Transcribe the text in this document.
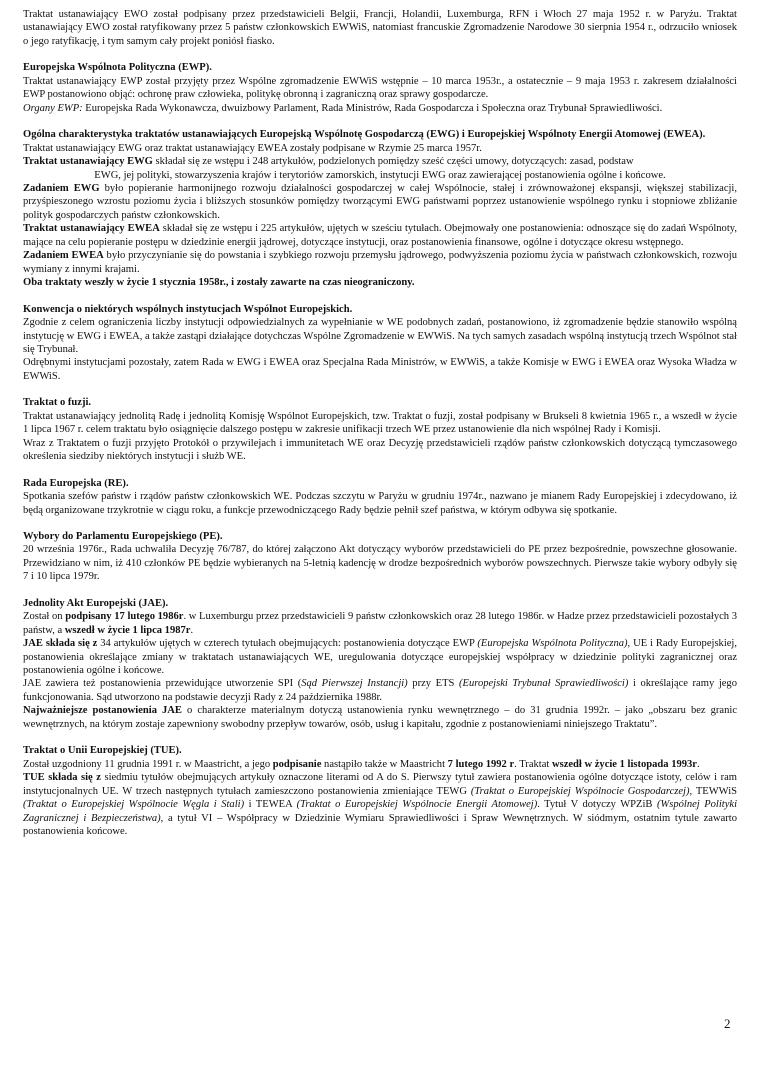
Traktat ustanawiający EWO został podpisany przez przedstawicieli Belgii, Francji, Holandii, Luxemburga, RFN i Włoch 27 maja 1952 r. w Paryżu. Traktat ustanawiający EWO został ratyfikowany przez 5 państw członkowskich EWWiS, natomiast francuskie Zgromadzenie Narodowe 30 sierpnia 1954 r., odrzuciło wniosek o jego ratyfikację, i tym samym cały projekt poniósł fiasko.

Europejska Wspólnota Polityczna (EWP).

Traktat ustanawiający EWP został przyjęty przez Wspólne zgromadzenie EWWiS wstępnie – 10 marca 1953r., a ostatecznie – 9 maja 1953 r. zakresem działalności EWP postanowiono objąć: ochronę praw człowieka, politykę obronną i zagraniczną oraz sprawy gospodarcze.

Organy EWP: Europejska Rada Wykonawcza, dwuizbowy Parlament, Rada Ministrów, Rada Gospodarcza i Społeczna oraz Trybunał Sprawiedliwości.

Ogólna charakterystyka traktatów ustanawiających Europejską Wspólnotę Gospodarczą (EWG) i Europejskiej Wspólnoty Energii Atomowej (EWEA).

Traktat ustanawiający EWG oraz traktat ustanawiający EWEA zostały podpisane w Rzymie 25 marca 1957r.

Traktat ustanawiający EWG składał się ze wstępu i 248 artykułów, podzielonych pomiędzy sześć części umowy, dotyczących: zasad, podstaw

EWG, jej polityki, stowarzyszenia krajów i terytoriów zamorskich, instytucji EWG oraz zawierającej postanowienia ogólne i końcowe.

Zadaniem EWG było popieranie harmonijnego rozwoju działalności gospodarczej w całej Wspólnocie, stałej i zrównoważonej ekspansji, większej stabilizacji, przyśpieszonego wzrostu poziomu życia i bliższych stosunków pomiędzy tworzącymi EWG państwami poprzez ustanowienie wspólnego rynku i stopniowe zbliżanie polityk gospodarczych państw członkowskich.

Traktat ustanawiający EWEA składał się ze wstępu i 225 artykułów, ujętych w sześciu tytułach. Obejmowały one postanowienia: odnoszące się do zadań Wspólnoty, mające na celu popieranie postępu w dziedzinie energii jądrowej, dotyczące instytucji, oraz postanowienia finansowe, ogólne i dotyczące okresu wstępnego.

Zadaniem EWEA było przyczynianie się do powstania i szybkiego rozwoju przemysłu jądrowego, podwyższenia poziomu życia w państwach członkowskich, rozwoju wymiany z innymi krajami.

Oba traktaty weszły w życie 1 stycznia 1958r., i zostały zawarte na czas nieograniczony.

Konwencja o niektórych wspólnych instytucjach Wspólnot Europejskich.

Zgodnie z celem ograniczenia liczby instytucji odpowiedzialnych za wypełnianie w WE podobnych zadań, postanowiono, iż zgromadzenie będzie stanowiło wspólną instytucję w EWG i EWEA, a także zastąpi działające dotychczas Wspólne Zgromadzenie w EWWiS. Na tych samych zasadach wspólną instytucją trzech Wspólnot stał się Trybunał.

Odrębnymi instytucjami pozostały, zatem Rada w EWG i EWEA oraz Specjalna Rada Ministrów, w EWWiS, a także Komisje w EWG i EWEA oraz Wysoka Władza w EWWiS.

Traktat o fuzji.

Traktat ustanawiający jednolitą Radę i jednolitą Komisję Wspólnot Europejskich, tzw. Traktat o fuzji, został podpisany w Brukseli 8 kwietnia 1965 r., a wszedł w życie 1 lipca 1967 r. celem traktatu było osiągnięcie dalszego postępu w zakresie unifikacji trzech WE przez ustanowienie dla nich wspólnej Rady i Komisji.

Wraz z Traktatem o fuzji przyjęto Protokół o przywilejach i immunitetach WE oraz Decyzję przedstawicieli rządów państw członkowskich dotyczącą tymczasowego określenia siedziby niektórych instytucji i służb WE.

Rada Europejska (RE).

Spotkania szefów państw i rządów państw członkowskich WE. Podczas szczytu w Paryżu w grudniu 1974r., nazwano je mianem Rady Europejskiej i zdecydowano, iż będą organizowane trzykrotnie w ciągu roku, a funkcje przewodniczącego Rady będzie pełnił szef państwa, w którym odbywa się spotkanie.

Wybory do Parlamentu Europejskiego (PE).

20 września 1976r., Rada uchwaliła Decyzję 76/787, do której załączono Akt dotyczący wyborów przedstawicieli do PE przez bezpośrednie, powszechne głosowanie. Przewidziano w nim, iż 410 członków PE będzie wybieranych na 5-letnią kadencję w drodze bezpośrednich wyborów powszechnych. Pierwsze takie wybory odbyły się 7 i 10 lipca 1979r.

Jednolity Akt Europejski (JAE).

Został on podpisany 17 lutego 1986r. w Luxemburgu przez przedstawicieli 9 państw członkowskich oraz 28 lutego 1986r. w Hadze przez przedstawicieli pozostałych 3 państw, a wszedł w życie 1 lipca 1987r.

JAE składa się z 34 artykułów ujętych w czterech tytułach obejmujących: postanowienia dotyczące EWP (Europejska Wspólnota Polityczna), UE i Rady Europejskiej, postanowienia określające zmiany w traktatach ustanawiających WE, uregulowania dotyczące europejskiej współpracy w dziedzinie polityki zagranicznej oraz postanowienia ogólne i końcowe.

JAE zawiera też postanowienia przewidujące utworzenie SPI (Sąd Pierwszej Instancji) przy ETS (Europejski Trybunał Sprawiedliwości) i określające ramy jego funkcjonowania. Sąd utworzono na podstawie decyzji Rady z 24 października 1988r.

Najważniejsze postanowienia JAE o charakterze materialnym dotyczą ustanowienia rynku wewnętrznego – do 31 grudnia 1992r. – jako „obszaru bez granic wewnętrznych, na którym zostaje zapewniony swobodny przepływ towarów, osób, usług i kapitału, zgodnie z postanowieniami niniejszego Traktatu”.

Traktat o Unii Europejskiej (TUE).

Został uzgodniony 11 grudnia 1991 r. w Maastricht, a jego podpisanie nastąpiło także w Maastricht 7 lutego 1992 r. Traktat wszedł w życie 1 listopada 1993r.

TUE składa się z siedmiu tytułów obejmujących artykuły oznaczone literami od A do S. Pierwszy tytuł zawiera postanowienia ogólne dotyczące istoty, celów i ram instytucjonalnych UE. W trzech następnych tytułach zamieszczono postanowienia zmieniające TEWG (Traktat o Europejskiej Wspólnocie Gospodarczej), TEWWiS (Traktat o Europejskiej Wspólnocie Węgla i Stali) i TEWEA (Traktat o Europejskiej Wspólnocie Energii Atomowej). Tytuł V dotyczy WPZiB (Wspólnej Polityki Zagranicznej i Bezpieczeństwa), a tytuł VI – Współpracy w Dziedzinie Wymiaru Sprawiedliwości i Spraw Wewnętrznych. W siódmym, ostatnim tytule zawarto postanowienia końcowe.

2
